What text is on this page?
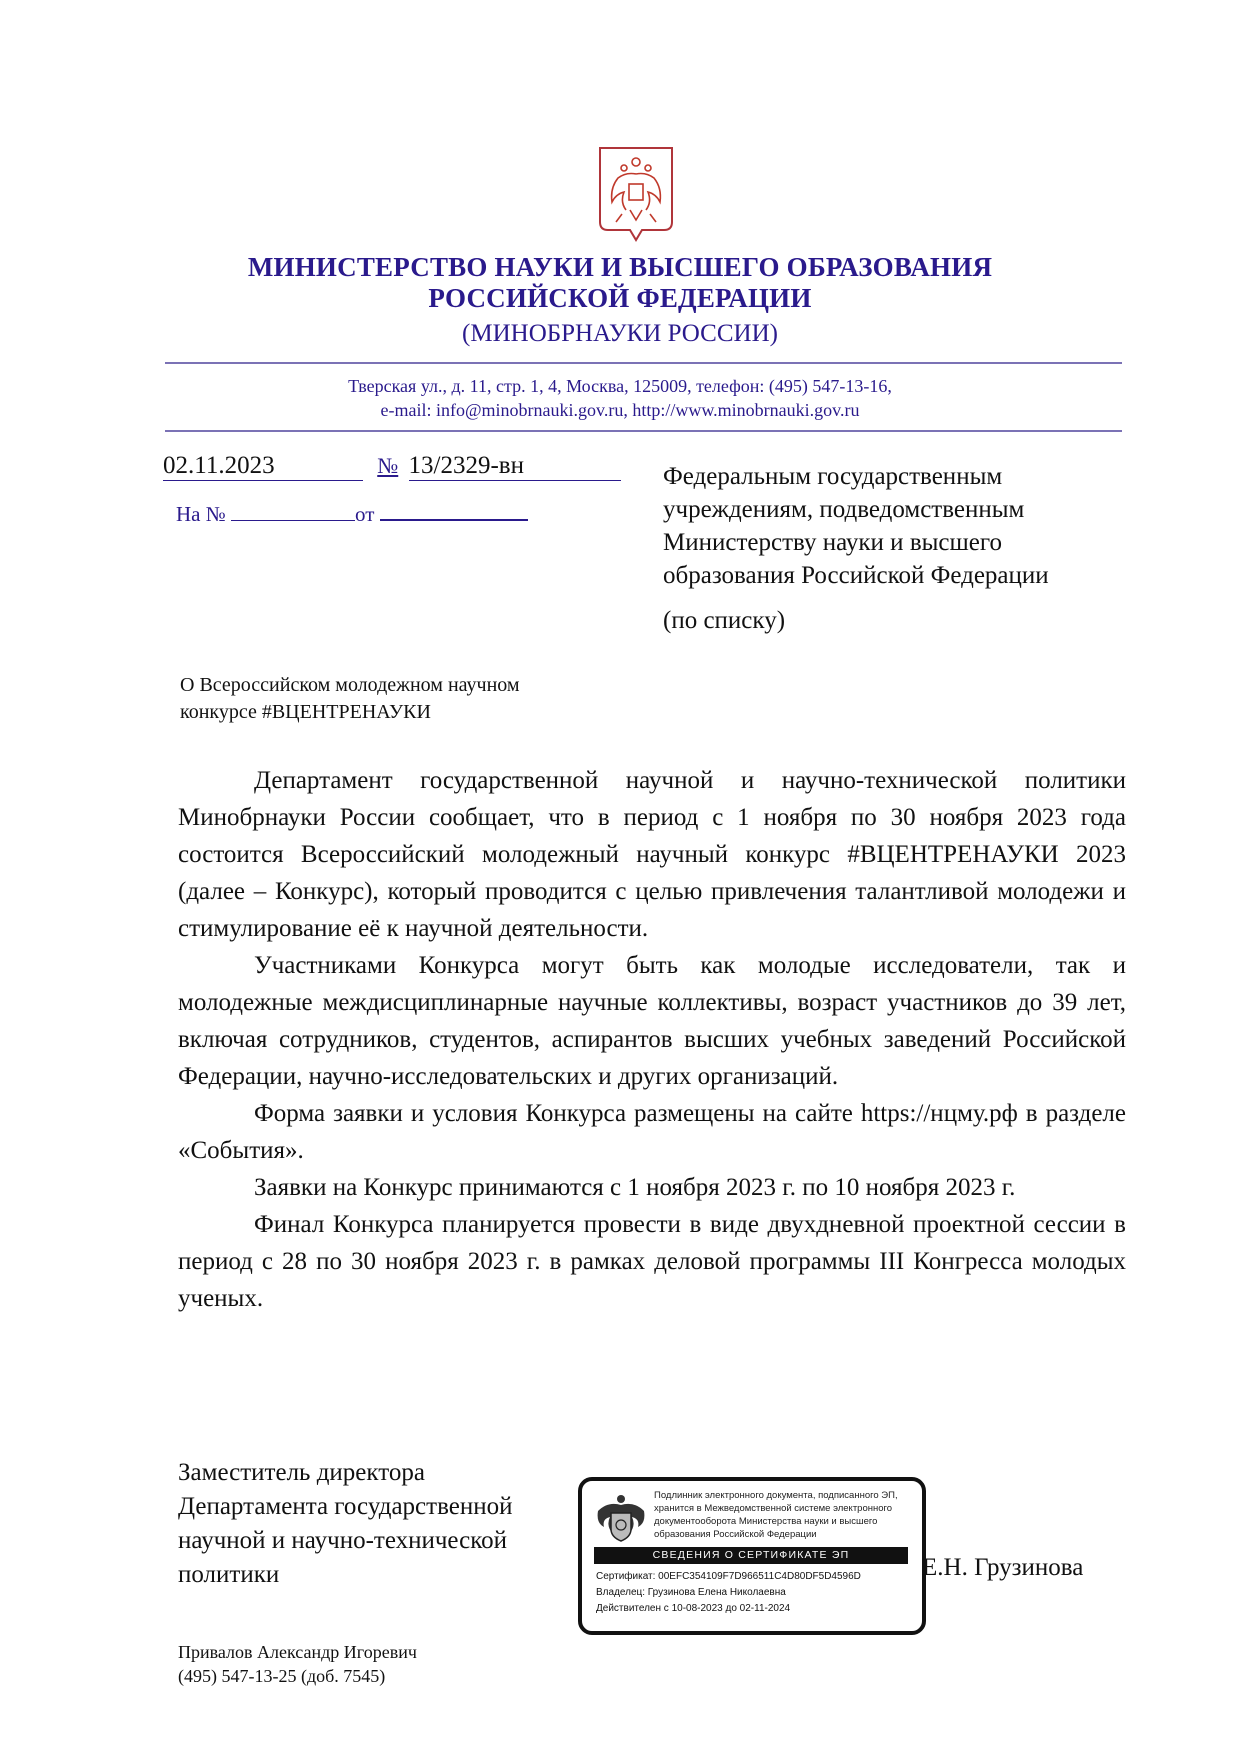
МИНИСТЕРСТВО НАУКИ И ВЫСШЕГО ОБРАЗОВАНИЯ
РОССИЙСКОЙ ФЕДЕРАЦИИ
(МИНОБРНАУКИ РОССИИ)
Тверская ул., д. 11, стр. 1, 4, Москва, 125009, телефон: (495) 547-13-16,
e-mail: info@minobrnauki.gov.ru, http://www.minobrnauki.gov.ru
02.11.2023	№ 13/2329-вн
На №	от
Федеральным государственным
учреждениям, подведомственным
Министерству науки и высшего
образования Российской Федерации
(по списку)
О Всероссийском молодежном научном
конкурсе #ВЦЕНТРЕНАУКИ

Департамент государственной научной и научно-технической политики Минобрнауки России сообщает, что в период с 1 ноября по 30 ноября 2023 года состоится Всероссийский молодежный научный конкурс #ВЦЕНТРЕНАУКИ 2023 (далее – Конкурс), который проводится с целью привлечения талантливой молодежи и стимулирование её к научной деятельности.

Участниками Конкурса могут быть как молодые исследователи, так и молодежные междисциплинарные научные коллективы, возраст участников до 39 лет, включая сотрудников, студентов, аспирантов высших учебных заведений Российской Федерации, научно-исследовательских и других организаций.

Форма заявки и условия Конкурса размещены на сайте https://нцму.рф в разделе «События».

Заявки на Конкурс принимаются с 1 ноября 2023 г. по 10 ноября 2023 г.

Финал Конкурса планируется провести в виде двухдневной проектной сессии в период с 28 по 30 ноября 2023 г. в рамках деловой программы III Конгресса молодых ученых.

Заместитель директора
Департамента государственной
научной и научно-технической
политики
Подлинник электронного документа, подписанного ЭП, хранится в Межведомственной системе электронного документооборота Министерства науки и высшего образования Российской Федерации
СВЕДЕНИЯ О СЕРТИФИКАТЕ ЭП
Сертификат: 00EFC354109F7D966511C4D80DF5D4596D
Владелец: Грузинова Елена Николаевна
Действителен с 10-08-2023 до 02-11-2024
Е.Н. Грузинова
Привалов Александр Игоревич
(495) 547-13-25 (доб. 7545)
